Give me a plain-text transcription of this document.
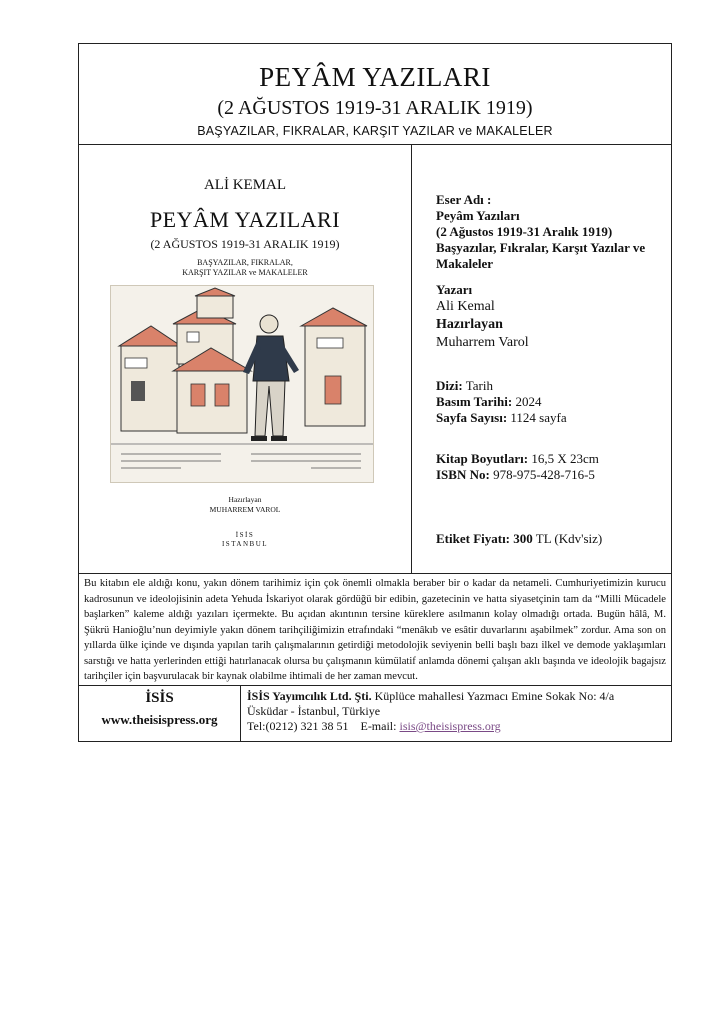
PEYÂM YAZILARI
(2 AĞUSTOS 1919-31 ARALIK 1919)
BAŞYAZILAR, FIKRALAR, KARŞIT YAZILAR ve MAKALELER
ALİ KEMAL
PEYÂM YAZILARI
(2 AĞUSTOS 1919-31 ARALIK 1919)
BAŞYAZILAR, FIKRALAR,
KARŞIT YAZILAR ve MAKALELER
Hazırlayan
MUHARREM VAROL
İSİS
ISTANBUL
Eser Adı :
Peyâm Yazıları
(2 Ağustos 1919-31 Aralık 1919)
Başyazılar, Fıkralar, Karşıt Yazılar ve Makaleler
Yazarı
Ali Kemal
Hazırlayan
Muharrem Varol
Dizi: Tarih
Basım Tarihi: 2024
Sayfa Sayısı: 1124 sayfa
Kitap Boyutları: 16,5 X 23cm
ISBN No: 978-975-428-716-5
Etiket Fiyatı: 300 TL (Kdv'siz)
Bu kitabın ele aldığı konu, yakın dönem tarihimiz için çok önemli olmakla beraber bir o kadar da netameli. Cumhuriyetimizin kurucu kadrosunun ve ideolojisinin adeta Yehuda İskariyot olarak gördüğü bir edibin, gazetecinin ve hatta siyasetçinin tam da “Milli Mücadele başlarken” kaleme aldığı yazıları içermekte. Bu açıdan akıntının tersine küreklere asılmanın kolay olmadığı ortada. Bugün hâlâ, M. Şükrü Hanioğlu’nun deyimiyle yakın dönem tarihçiliğimizin etrafındaki “menâkıb ve esâtir duvarlarını aşabilmek” zordur. Ama son on yıllarda ülke içinde ve dışında yapılan tarih çalışmalarının getirdiği metodolojik seviyenin belli başlı bazı ilkel ve demode yaklaşımları sarstığı ve hatta yerlerinden ettiği hatırlanacak olursa bu çalışmanın kümülatif anlamda dönemi çalışan aklı başında ve ideolojik bagajsız tarihçiler için başvurulacak bir kaynak olabilme ihtimali de her zaman mevcut.
İSİS
www.theisispress.org
İSİS Yayımcılık Ltd. Şti. Küplüce mahallesi Yazmacı Emine Sokak No: 4/a
Üsküdar - İstanbul, Türkiye
Tel:(0212) 321 38 51 E-mail: isis@theisispress.org
